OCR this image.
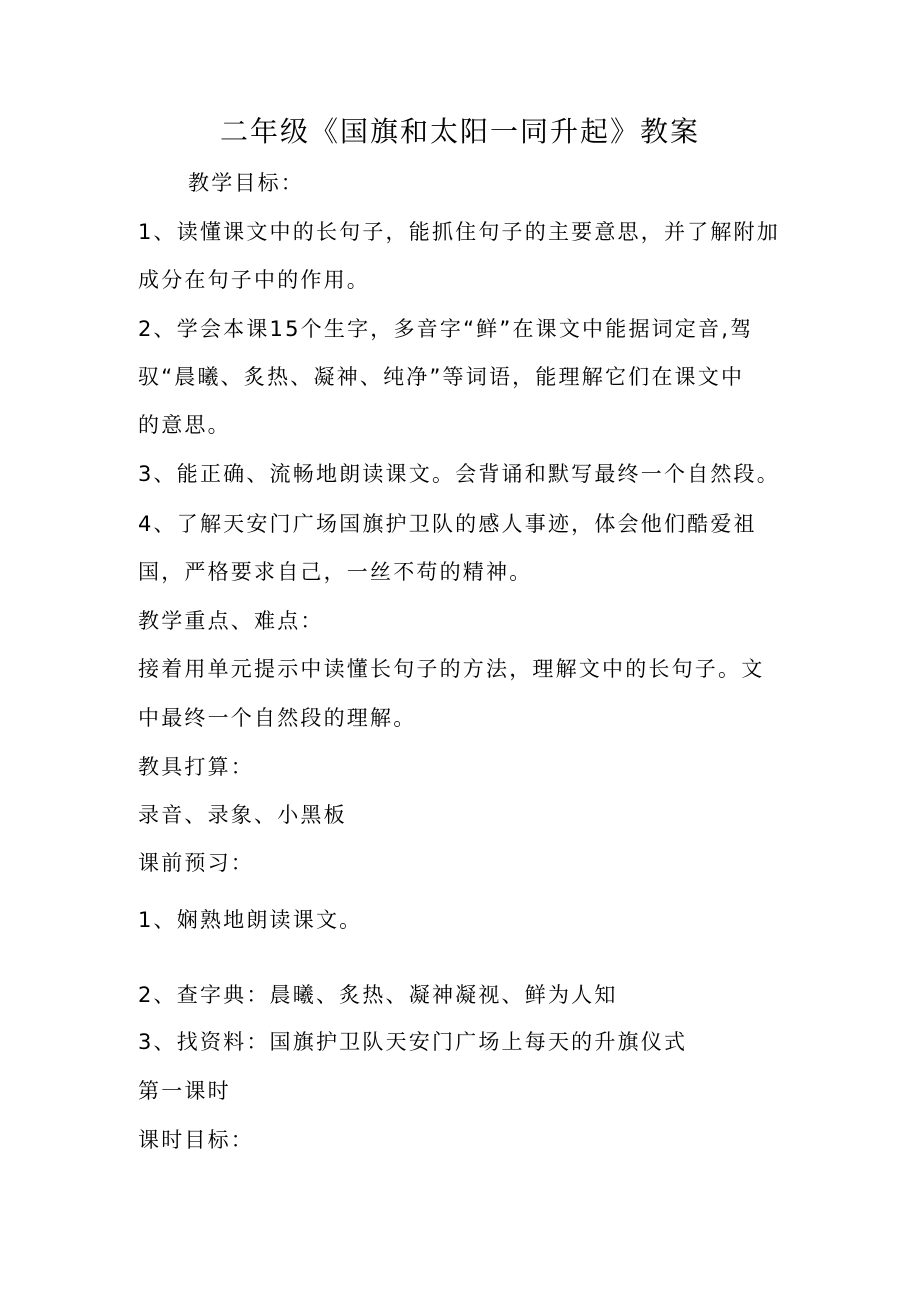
二年级《国旗和太阳一同升起》教案
教学目标：
1、读懂课文中的长句子，能抓住句子的主要意思，并了解附加
成分在句子中的作用。
2、学会本课15个生字，多音字“鲜”在课文中能据词定音,驾
驭“晨曦、炙热、凝神、纯净”等词语，能理解它们在课文中
的意思。
3、能正确、流畅地朗读课文。会背诵和默写最终一个自然段。
4、了解天安门广场国旗护卫队的感人事迹，体会他们酷爱祖
国，严格要求自己，一丝不苟的精神。
教学重点、难点：
接着用单元提示中读懂长句子的方法，理解文中的长句子。文
中最终一个自然段的理解。
教具打算：
录音、录象、小黑板
课前预习：
1、娴熟地朗读课文。
2、查字典：晨曦、炙热、凝神凝视、鲜为人知
3、找资料：国旗护卫队天安门广场上每天的升旗仪式
第一课时
课时目标：
